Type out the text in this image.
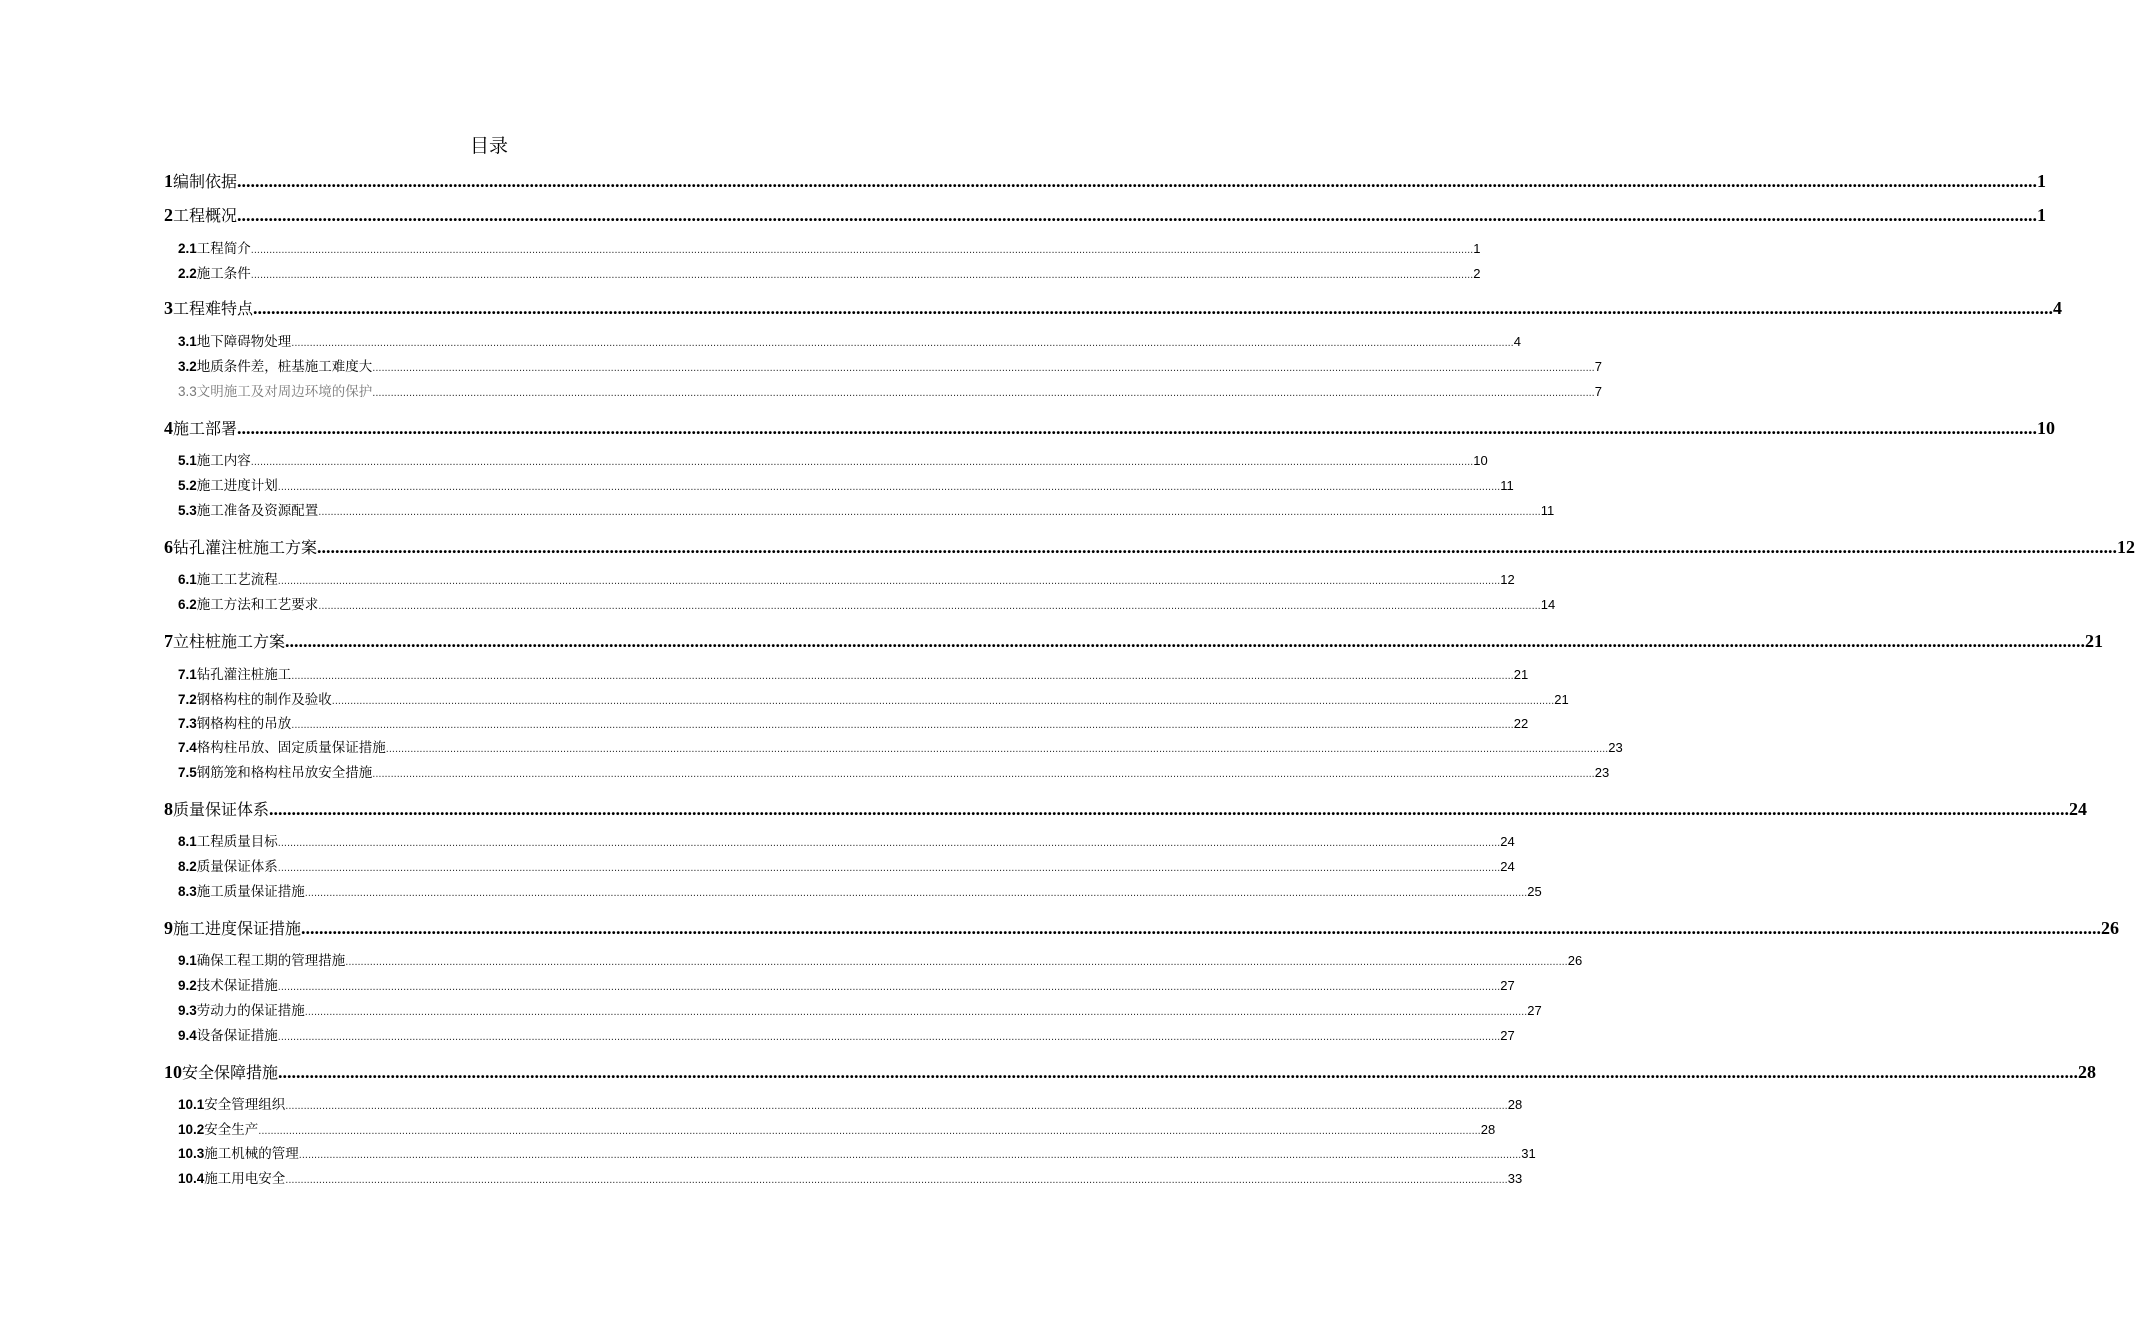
目录
1 编制依据 ................................................................................................................................................................................................................................................................................................................................................................................................................ 1
2 工程概况 ................................................................................................................................................................................................................................................................................................................................................................................................................ 1
2.1 工程简介 ................................................................................................................................................................................................................................................................................................................................................................................................................ 1
2.2 施工条件 ................................................................................................................................................................................................................................................................................................................................................................................................................ 2
3 工程难特点 ................................................................................................................................................................................................................................................................................................................................................................................................................ 4
3.1 地下障碍物处理 ................................................................................................................................................................................................................................................................................................................................................................................................................ 4
3.2 地质条件差，桩基施工难度大 ................................................................................................................................................................................................................................................................................................................................................................................................................ 7
3.3 文明施工及对周边环境的保护 ................................................................................................................................................................................................................................................................................................................................................................................................................ 7
4 施工部署 ................................................................................................................................................................................................................................................................................................................................................................................................................ 10
5.1 施工内容 ................................................................................................................................................................................................................................................................................................................................................................................................................ 10
5.2 施工进度计划 ................................................................................................................................................................................................................................................................................................................................................................................................................ 11
5.3 施工准备及资源配置 ................................................................................................................................................................................................................................................................................................................................................................................................................ 11
6 钻孔灌注桩施工方案 ................................................................................................................................................................................................................................................................................................................................................................................................................ 12
6.1 施工工艺流程 ................................................................................................................................................................................................................................................................................................................................................................................................................ 12
6.2 施工方法和工艺要求 ................................................................................................................................................................................................................................................................................................................................................................................................................ 14
7 立柱桩施工方案 ................................................................................................................................................................................................................................................................................................................................................................................................................ 21
7.1 钻孔灌注桩施工 ................................................................................................................................................................................................................................................................................................................................................................................................................ 21
7.2 钢格构柱的制作及验收 ................................................................................................................................................................................................................................................................................................................................................................................................................ 21
7.3 钢格构柱的吊放 ................................................................................................................................................................................................................................................................................................................................................................................................................ 22
7.4 格构柱吊放、固定质量保证措施 ................................................................................................................................................................................................................................................................................................................................................................................................................ 23
7.5 钢筋笼和格构柱吊放安全措施 ................................................................................................................................................................................................................................................................................................................................................................................................................ 23
8 质量保证体系 ................................................................................................................................................................................................................................................................................................................................................................................................................ 24
8.1 工程质量目标 ................................................................................................................................................................................................................................................................................................................................................................................................................ 24
8.2 质量保证体系 ................................................................................................................................................................................................................................................................................................................................................................................................................ 24
8.3 施工质量保证措施 ................................................................................................................................................................................................................................................................................................................................................................................................................ 25
9 施工进度保证措施 ................................................................................................................................................................................................................................................................................................................................................................................................................ 26
9.1 确保工程工期的管理措施 ................................................................................................................................................................................................................................................................................................................................................................................................................ 26
9.2 技术保证措施 ................................................................................................................................................................................................................................................................................................................................................................................................................ 27
9.3 劳动力的保证措施 ................................................................................................................................................................................................................................................................................................................................................................................................................ 27
9.4 设备保证措施 ................................................................................................................................................................................................................................................................................................................................................................................................................ 27
10 安全保障措施 ................................................................................................................................................................................................................................................................................................................................................................................................................ 28
10.1 安全管理组织 ................................................................................................................................................................................................................................................................................................................................................................................................................ 28
10.2 安全生产 ................................................................................................................................................................................................................................................................................................................................................................................................................ 28
10.3 施工机械的管理 ................................................................................................................................................................................................................................................................................................................................................................................................................ 31
10.4 施工用电安全 ................................................................................................................................................................................................................................................................................................................................................................................................................ 33
